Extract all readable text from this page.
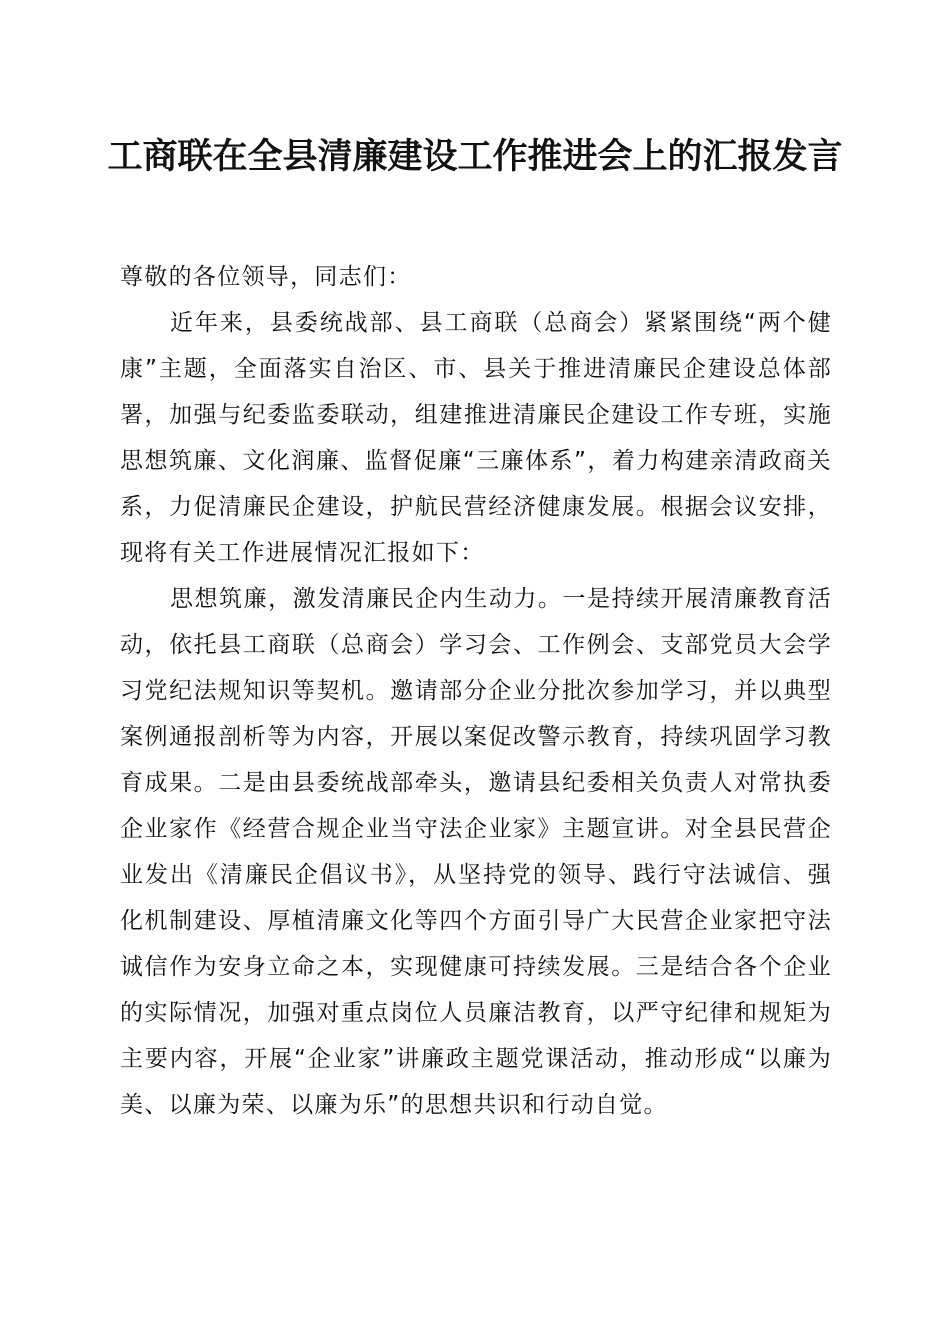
工商联在全县清廉建设工作推进会上的汇报发言

尊敬的各位领导，同志们：

近年来，县委统战部、县工商联（总商会）紧紧围绕“两个健康”主题，全面落实自治区、市、县关于推进清廉民企建设总体部署，加强与纪委监委联动，组建推进清廉民企建设工作专班，实施思想筑廉、文化润廉、监督促廉“三廉体系”，着力构建亲清政商关系，力促清廉民企建设，护航民营经济健康发展。根据会议安排，现将有关工作进展情况汇报如下：

思想筑廉，激发清廉民企内生动力。一是持续开展清廉教育活动，依托县工商联（总商会）学习会、工作例会、支部党员大会学习党纪法规知识等契机。邀请部分企业分批次参加学习，并以典型案例通报剖析等为内容，开展以案促改警示教育，持续巩固学习教育成果。二是由县委统战部牵头，邀请县纪委相关负责人对常执委企业家作《经营合规企业当守法企业家》主题宣讲。对全县民营企业发出《清廉民企倡议书》，从坚持党的领导、践行守法诚信、强化机制建设、厚植清廉文化等四个方面引导广大民营企业家把守法诚信作为安身立命之本，实现健康可持续发展。三是结合各个企业的实际情况，加强对重点岗位人员廉洁教育，以严守纪律和规矩为主要内容，开展“企业家”讲廉政主题党课活动，推动形成“以廉为美、以廉为荣、以廉为乐”的思想共识和行动自觉。
